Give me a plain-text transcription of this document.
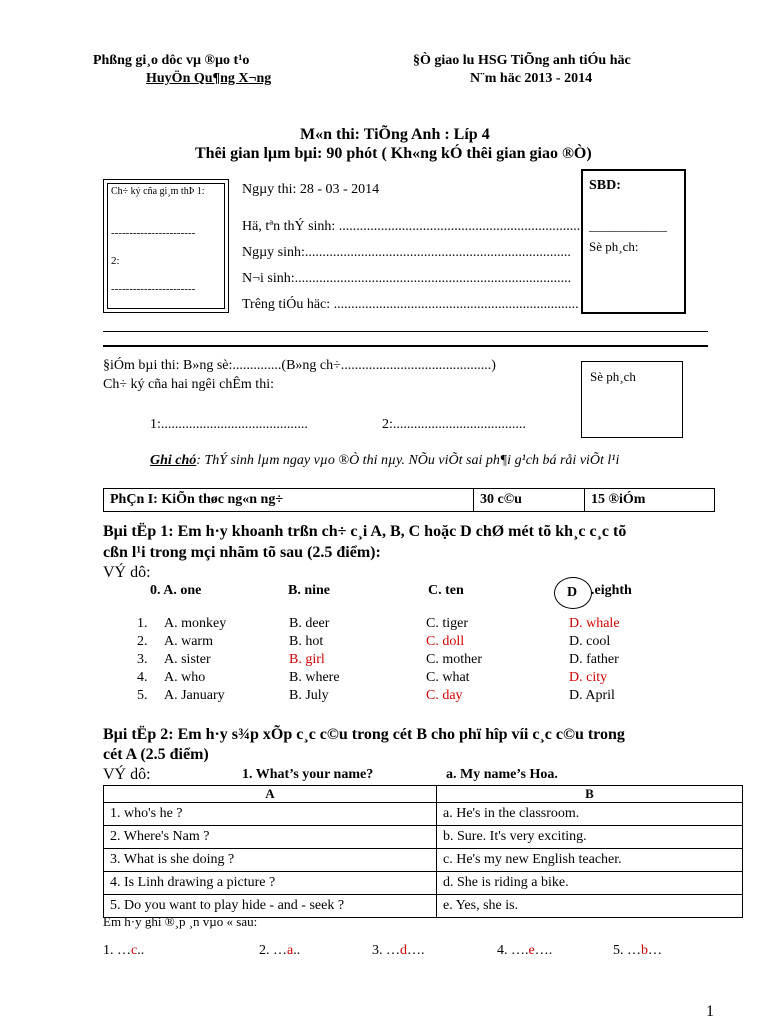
Phßng gi¸o dôc vµ ®µo t¹o
HuyÖn Qu¶ng X¬ng
§Ò giao lu HSG TiÕng anh tiÓu häc
N¨m häc 2013 - 2014
M«n thi: TiÕng Anh : Líp 4
Thêi gian lµm bµi: 90 phót ( Kh«ng kÓ thêi gian giao ®Ò)
Ch÷ ký cña gi¸m thÞ 1:
-----------------------
2:
-----------------------
Ngµy thi: 28 - 03 - 2014
Hä, tªn thÝ sinh: ......................................................................
Ngµy sinh:............................................................................
N¬i sinh:...............................................................................
Trêng tiÓu häc: ......................................................................
SBD:
____________
Sè ph¸ch:
§iÓm bµi thi: B»ng sè:..............(B»ng ch÷...........................................)
Ch÷ ký cña hai ngêi chÊm thi:
1:..........................................	2:......................................
Sè ph¸ch
Ghi chó: ThÝ sinh lµm ngay vµo ®Ò thi nµy. NÕu viÕt sai ph¶i g¹ch bá råi viÕt l¹i
PhÇn I: KiÕn thøc ng«n ng÷	30 c©u	15 ®iÓm
Bµi tËp 1: Em h·y khoanh trßn ch÷ c¸i A, B, C hoặc D chØ mét tõ kh¸c c¸c tõ
cßn l¹i trong mçi nhãm tõ sau (2.5 điểm):
VÝ dô:
0. A. one	B. nine	C. ten	D .eighth
1. A. monkey	B. deer	C. tiger	D. whale
2. A. warm	B. hot	C. doll	D. cool
3. A. sister	B. girl	C. mother	D. father
4. A. who	B. where	C. what	D. city
5. A. January	B. July	C. day	D. April
Bµi tËp 2: Em h·y s¾p xÕp c¸c c©u trong cét B cho phï hîp víi c¸c c©u trong
cét A (2.5 điểm)
VÝ dô:	1. What’s your name?	a. My name’s Hoa.
A	B
1. who's he ?	a. He's in the classroom.
2. Where's Nam ?	b. Sure. It's very exciting.
3. What is she doing ?	c. He's my new English teacher.
4. Is Linh drawing a picture ?	d. She is riding a bike.
5. Do you want to play hide - and - seek ?	e. Yes, she is.
Em h·y ghi ®¸p ¸n vµo « sau:
1. …c..	2. …a..	3. …d….	4. ….e….	5. …b…
1
